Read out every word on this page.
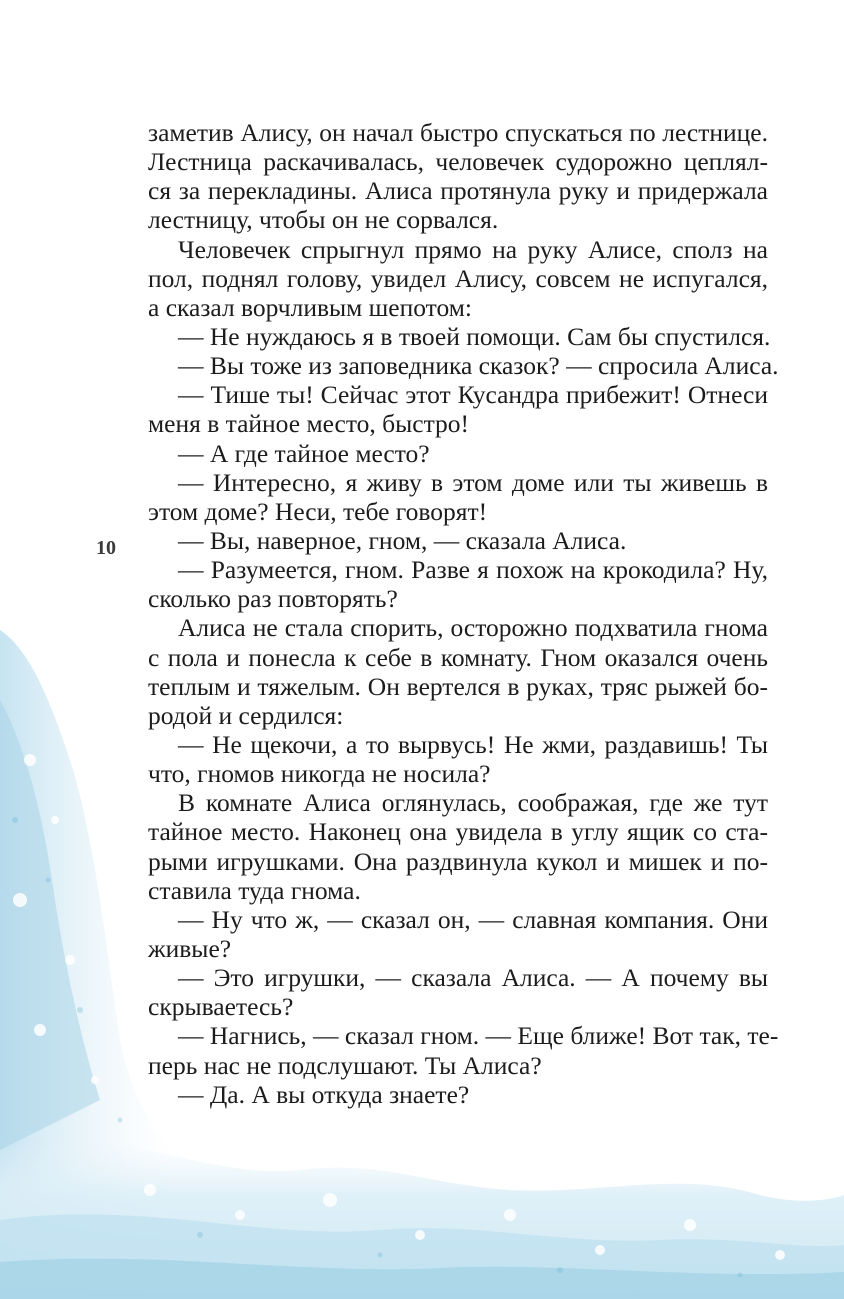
10
заметив Алису, он начал быстро спускаться по лестнице.
Лестница раскачивалась, человечек судорожно цеплял-
ся за перекладины. Алиса протянула руку и придержала
лестницу, чтобы он не сорвался.
Человечек спрыгнул прямо на руку Алисе, сполз на
пол, поднял голову, увидел Алису, совсем не испугался,
а сказал ворчливым шепотом:
— Не нуждаюсь я в твоей помощи. Сам бы спустился.
— Вы тоже из заповедника сказок? — спросила Алиса.
— Тише ты! Сейчас этот Кусандра прибежит! Отнеси
меня в тайное место, быстро!
— А где тайное место?
— Интересно, я живу в этом доме или ты живешь в
этом доме? Неси, тебе говорят!
— Вы, наверное, гном, — сказала Алиса.
— Разумеется, гном. Разве я похож на крокодила? Ну,
сколько раз повторять?
Алиса не стала спорить, осторожно подхватила гнома
с пола и понесла к себе в комнату. Гном оказался очень
теплым и тяжелым. Он вертелся в руках, тряс рыжей бо-
родой и сердился:
— Не щекочи, а то вырвусь! Не жми, раздавишь! Ты
что, гномов никогда не носила?
В комнате Алиса оглянулась, соображая, где же тут
тайное место. Наконец она увидела в углу ящик со ста-
рыми игрушками. Она раздвинула кукол и мишек и по-
ставила туда гнома.
— Ну что ж, — сказал он, — славная компания. Они
живые?
— Это игрушки, — сказала Алиса. — А почему вы
скрываетесь?
— Нагнись, — сказал гном. — Еще ближе! Вот так, те-
перь нас не подслушают. Ты Алиса?
— Да. А вы откуда знаете?
